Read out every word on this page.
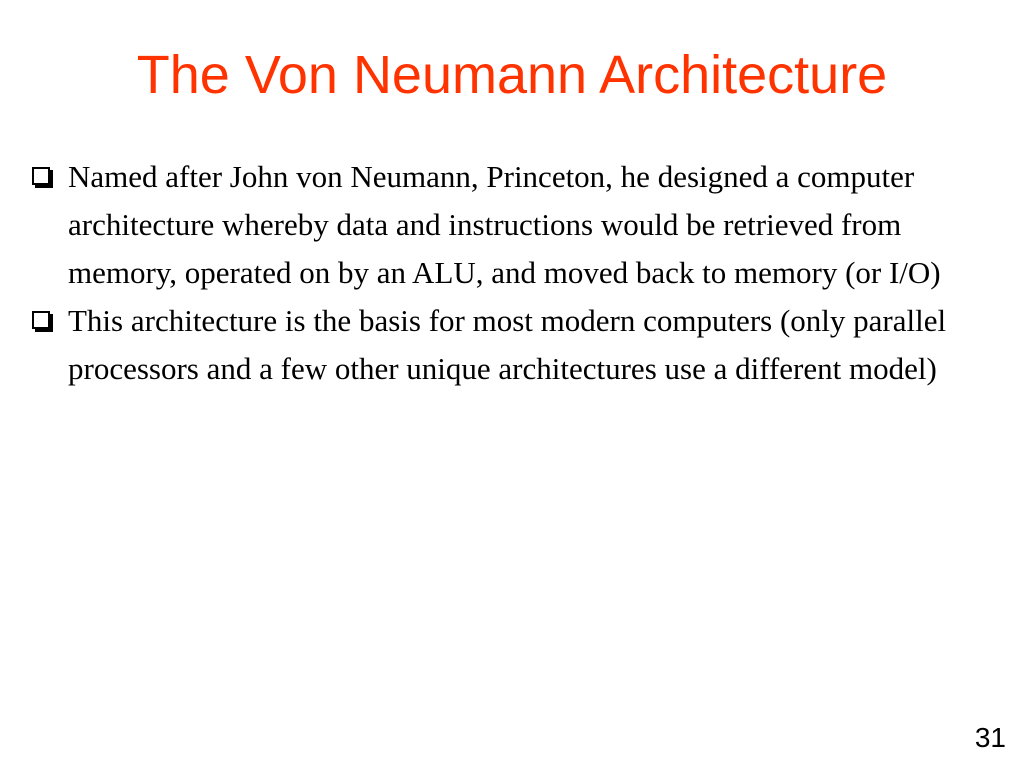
The Von Neumann Architecture
Named after John von Neumann, Princeton, he designed a computer architecture whereby data and instructions would be retrieved from memory, operated on by an ALU, and moved back to memory (or I/O)
This architecture is the basis for most modern computers (only parallel processors and a few other unique architectures use a different model)
31
